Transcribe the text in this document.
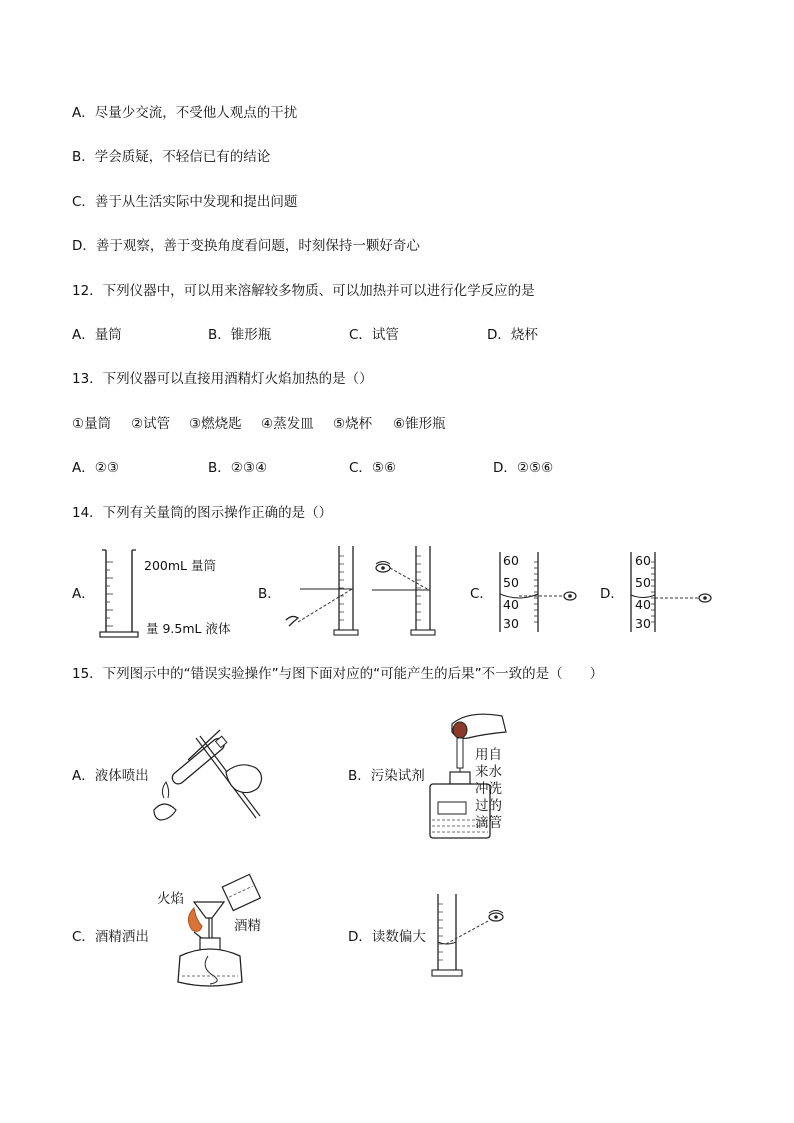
A．尽量少交流，不受他人观点的干扰
B．学会质疑，不轻信已有的结论
C．善于从生活实际中发现和提出问题
D．善于观察，善于变换角度看问题，时刻保持一颗好奇心
12．下列仪器中，可以用来溶解较多物质、可以加热并可以进行化学反应的是
A．量筒	B．锥形瓶	C．试管	D．烧杯
13．下列仪器可以直接用酒精灯火焰加热的是（）
①量筒 ②试管 ③燃烧匙 ④蒸发皿 ⑤烧杯 ⑥锥形瓶
A．②③	B．②③④	C．⑤⑥	D．②⑤⑥
14．下列有关量筒的图示操作正确的是（）
A．
200mL 量筒
量 9.5mL 液体
B．	C．
60
50
40
30
D．
60
50
40
30
15．下列图示中的“错误实验操作”与图下面对应的“可能产生的后果”不一致的是（　　）
A．液体喷出	B．污染试剂
用自来水冲洗过的滴管
C．酒精洒出
火焰
酒精
D．读数偏大
